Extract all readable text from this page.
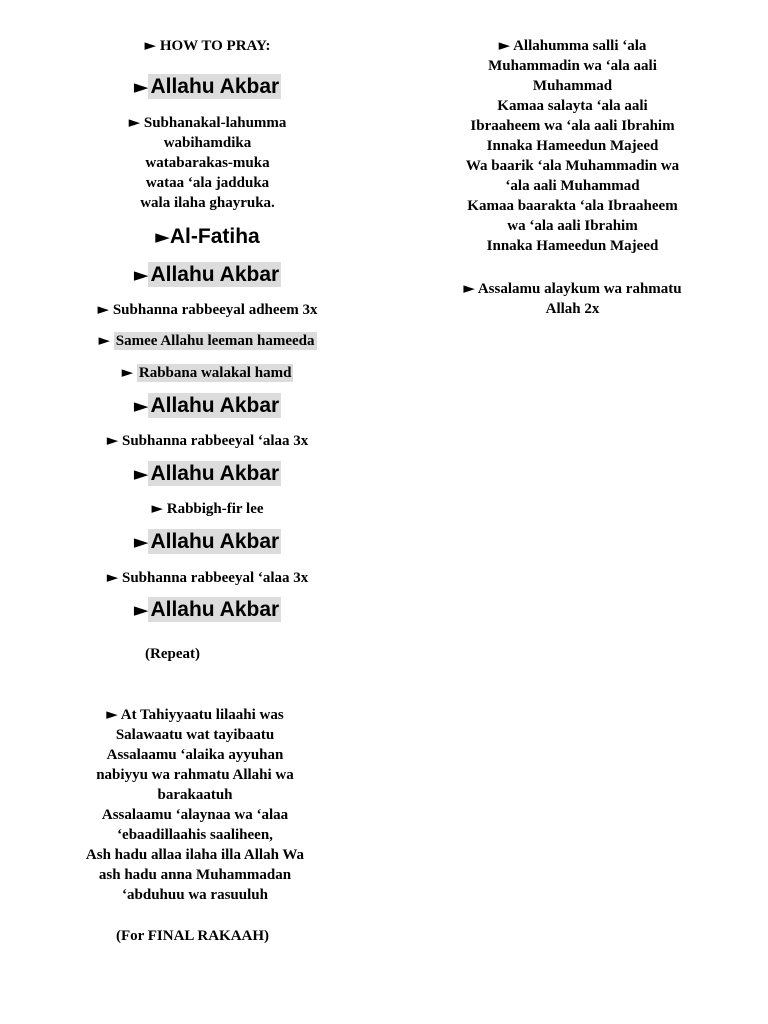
► HOW TO PRAY:
►Allahu Akbar
► Subhanakal-lahumma
wabihamdika
watabarakas-muka
wataa ‘ala jadduka
wala ilaha ghayruka.
►Al-Fatiha
►Allahu Akbar
► Subhanna rabbeeyal adheem 3x
► Samee Allahu leeman hameeda
► Rabbana walakal hamd
►Allahu Akbar
► Subhanna rabbeeyal ‘alaa 3x
►Allahu Akbar
► Rabbigh-fir lee
►Allahu Akbar
► Subhanna rabbeeyal ‘alaa 3x
►Allahu Akbar
(Repeat)
► At Tahiyyaatu lilaahi was
Salawaatu wat tayibaatu
Assalaamu ‘alaika ayyuhan
nabiyyu wa rahmatu Allahi wa
barakaatuh
Assalaamu ‘alaynaa wa ‘alaa
‘ebaadillaahis saaliheen,
Ash hadu allaa ilaha illa Allah Wa
ash hadu anna Muhammadan
‘abduhuu wa rasuuluh
(For FINAL RAKAAH)
► Allahumma salli ‘ala
Muhammadin wa ‘ala aali
Muhammad
Kamaa salayta ‘ala aali
Ibraaheem wa ‘ala aali Ibrahim
Innaka Hameedun Majeed
Wa baarik ‘ala Muhammadin wa
‘ala aali Muhammad
Kamaa baarakta ‘ala Ibraaheem
wa ‘ala aali Ibrahim
Innaka Hameedun Majeed
► Assalamu alaykum wa rahmatu
Allah 2x
